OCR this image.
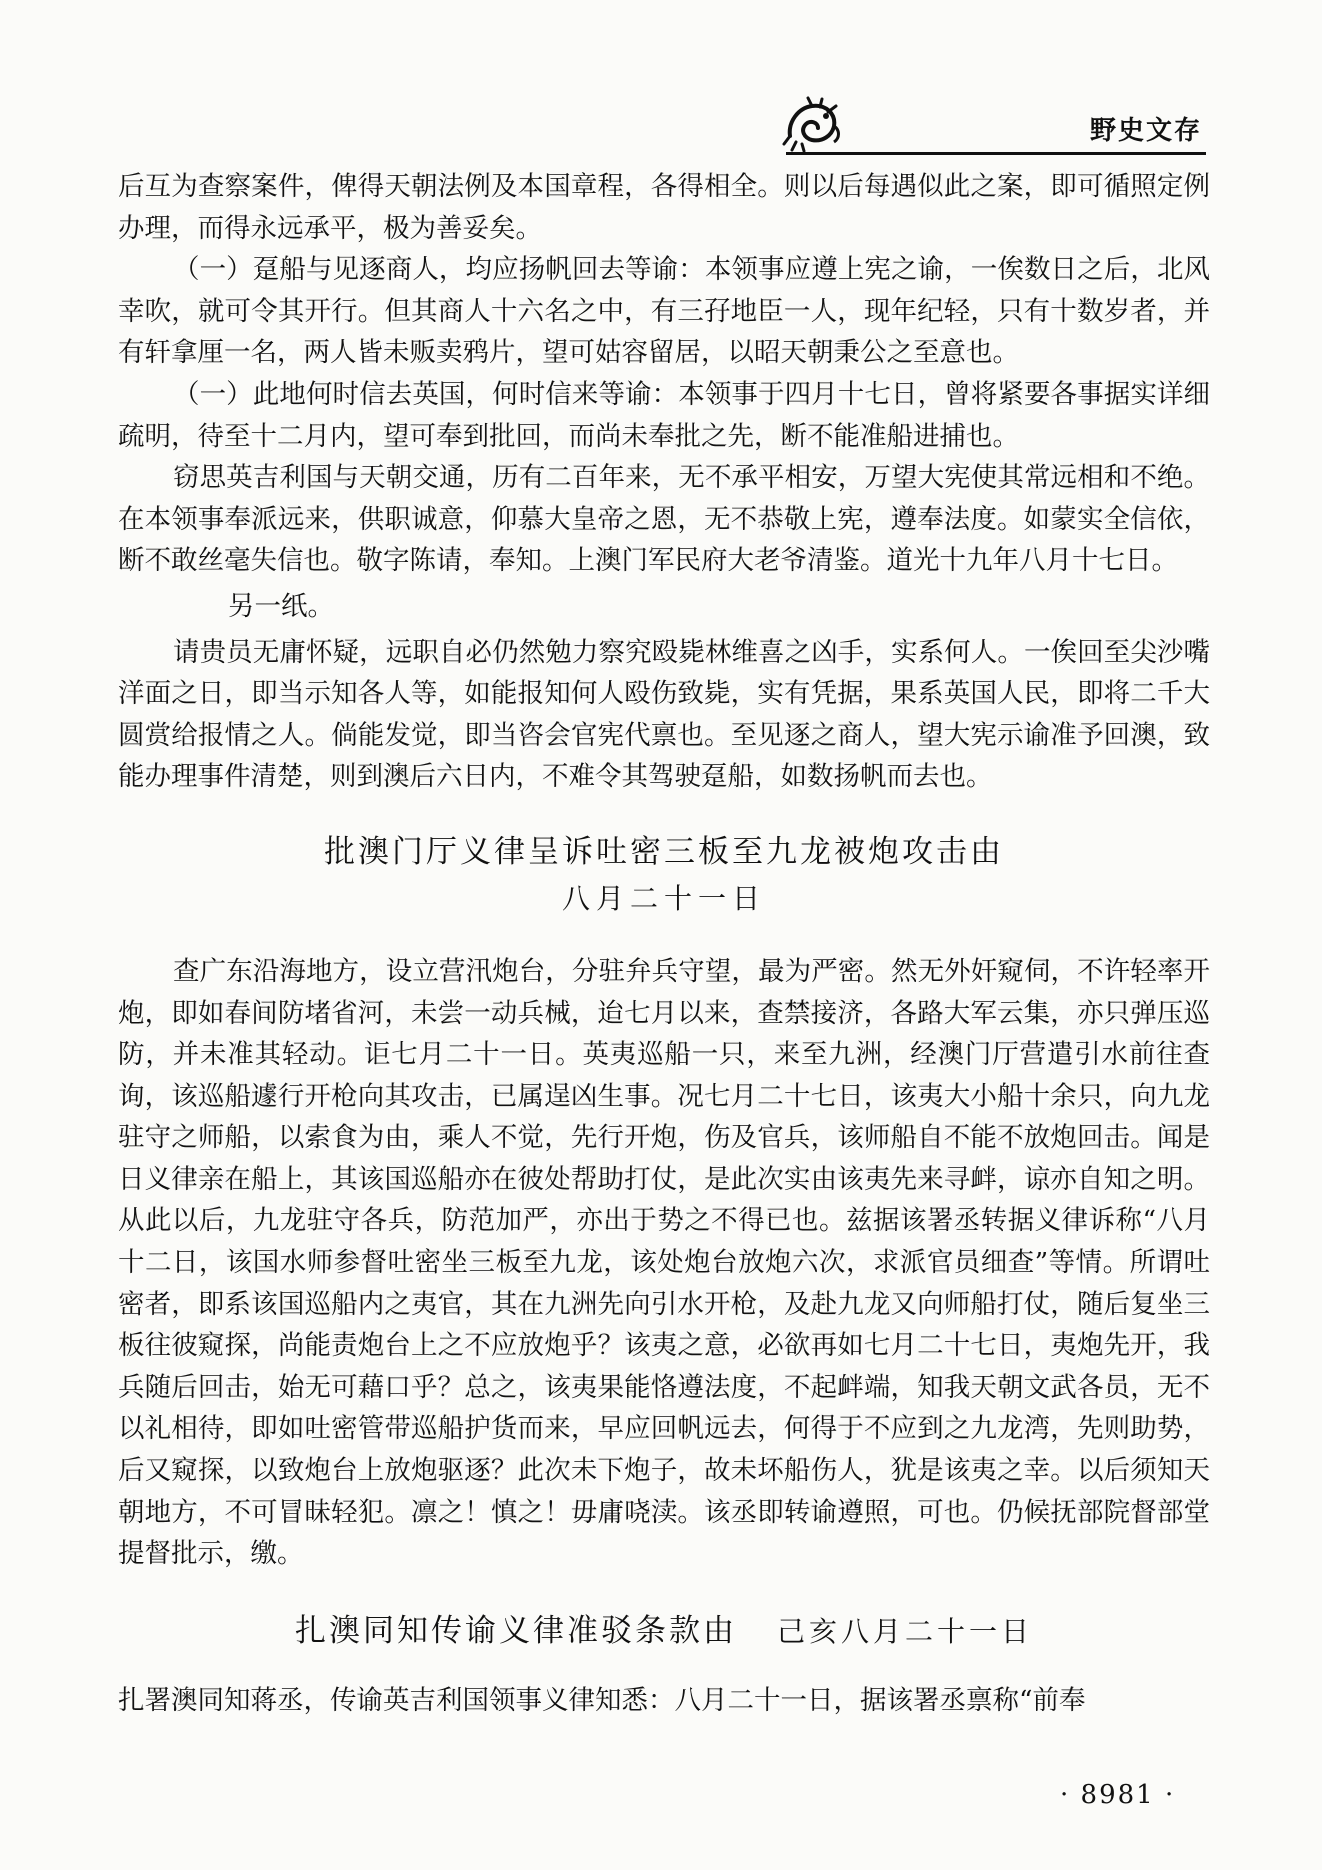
野史文存

后互为查察案件，俾得天朝法例及本国章程，各得相全。则以后每遇似此之案，即可循照定例办理，而得永远承平，极为善妥矣。

（一）趸船与见逐商人，均应扬帆回去等谕：本领事应遵上宪之谕，一俟数日之后，北风幸吹，就可令其开行。但其商人十六名之中，有三孖地臣一人，现年纪轻，只有十数岁者，并有轩拿厘一名，两人皆未贩卖鸦片，望可姑容留居，以昭天朝秉公之至意也。

（一）此地何时信去英国，何时信来等谕：本领事于四月十七日，曾将紧要各事据实详细疏明，待至十二月内，望可奉到批回，而尚未奉批之先，断不能准船进捕也。

窃思英吉利国与天朝交通，历有二百年来，无不承平相安，万望大宪使其常远相和不绝。在本领事奉派远来，供职诚意，仰慕大皇帝之恩，无不恭敬上宪，遵奉法度。如蒙实全信依，断不敢丝毫失信也。敬字陈请，奉知。上澳门军民府大老爷清鉴。道光十九年八月十七日。

另一纸。

请贵员无庸怀疑，远职自必仍然勉力察究殴毙林维喜之凶手，实系何人。一俟回至尖沙嘴洋面之日，即当示知各人等，如能报知何人殴伤致毙，实有凭据，果系英国人民，即将二千大圆赏给报情之人。倘能发觉，即当咨会官宪代禀也。至见逐之商人，望大宪示谕准予回澳，致能办理事件清楚，则到澳后六日内，不难令其驾驶趸船，如数扬帆而去也。

批澳门厅义律呈诉吐密三板至九龙被炮攻击由
八月二十一日

查广东沿海地方，设立营汛炮台，分驻弁兵守望，最为严密。然无外奸窥伺，不许轻率开炮，即如春间防堵省河，未尝一动兵械，迨七月以来，查禁接济，各路大军云集，亦只弹压巡防，并未准其轻动。讵七月二十一日。英夷巡船一只，来至九洲，经澳门厅营遣引水前往查询，该巡船遽行开枪向其攻击，已属逞凶生事。况七月二十七日，该夷大小船十余只，向九龙驻守之师船，以索食为由，乘人不觉，先行开炮，伤及官兵，该师船自不能不放炮回击。闻是日义律亲在船上，其该国巡船亦在彼处帮助打仗，是此次实由该夷先来寻衅，谅亦自知之明。从此以后，九龙驻守各兵，防范加严，亦出于势之不得已也。兹据该署丞转据义律诉称“八月十二日，该国水师参督吐密坐三板至九龙，该处炮台放炮六次，求派官员细查”等情。所谓吐密者，即系该国巡船内之夷官，其在九洲先向引水开枪，及赴九龙又向师船打仗，随后复坐三板往彼窥探，尚能责炮台上之不应放炮乎？该夷之意，必欲再如七月二十七日，夷炮先开，我兵随后回击，始无可藉口乎？总之，该夷果能恪遵法度，不起衅端，知我天朝文武各员，无不以礼相待，即如吐密管带巡船护货而来，早应回帆远去，何得于不应到之九龙湾，先则助势，后又窥探，以致炮台上放炮驱逐？此次未下炮子，故未坏船伤人，犹是该夷之幸。以后须知天朝地方，不可冒昧轻犯。凛之！慎之！毋庸哓渎。该丞即转谕遵照，可也。仍候抚部院督部堂提督批示，缴。

扎澳同知传谕义律准驳条款由 己亥八月二十一日

扎署澳同知蒋丞，传谕英吉利国领事义律知悉：八月二十一日，据该署丞禀称“前奉

· 8981 ·
